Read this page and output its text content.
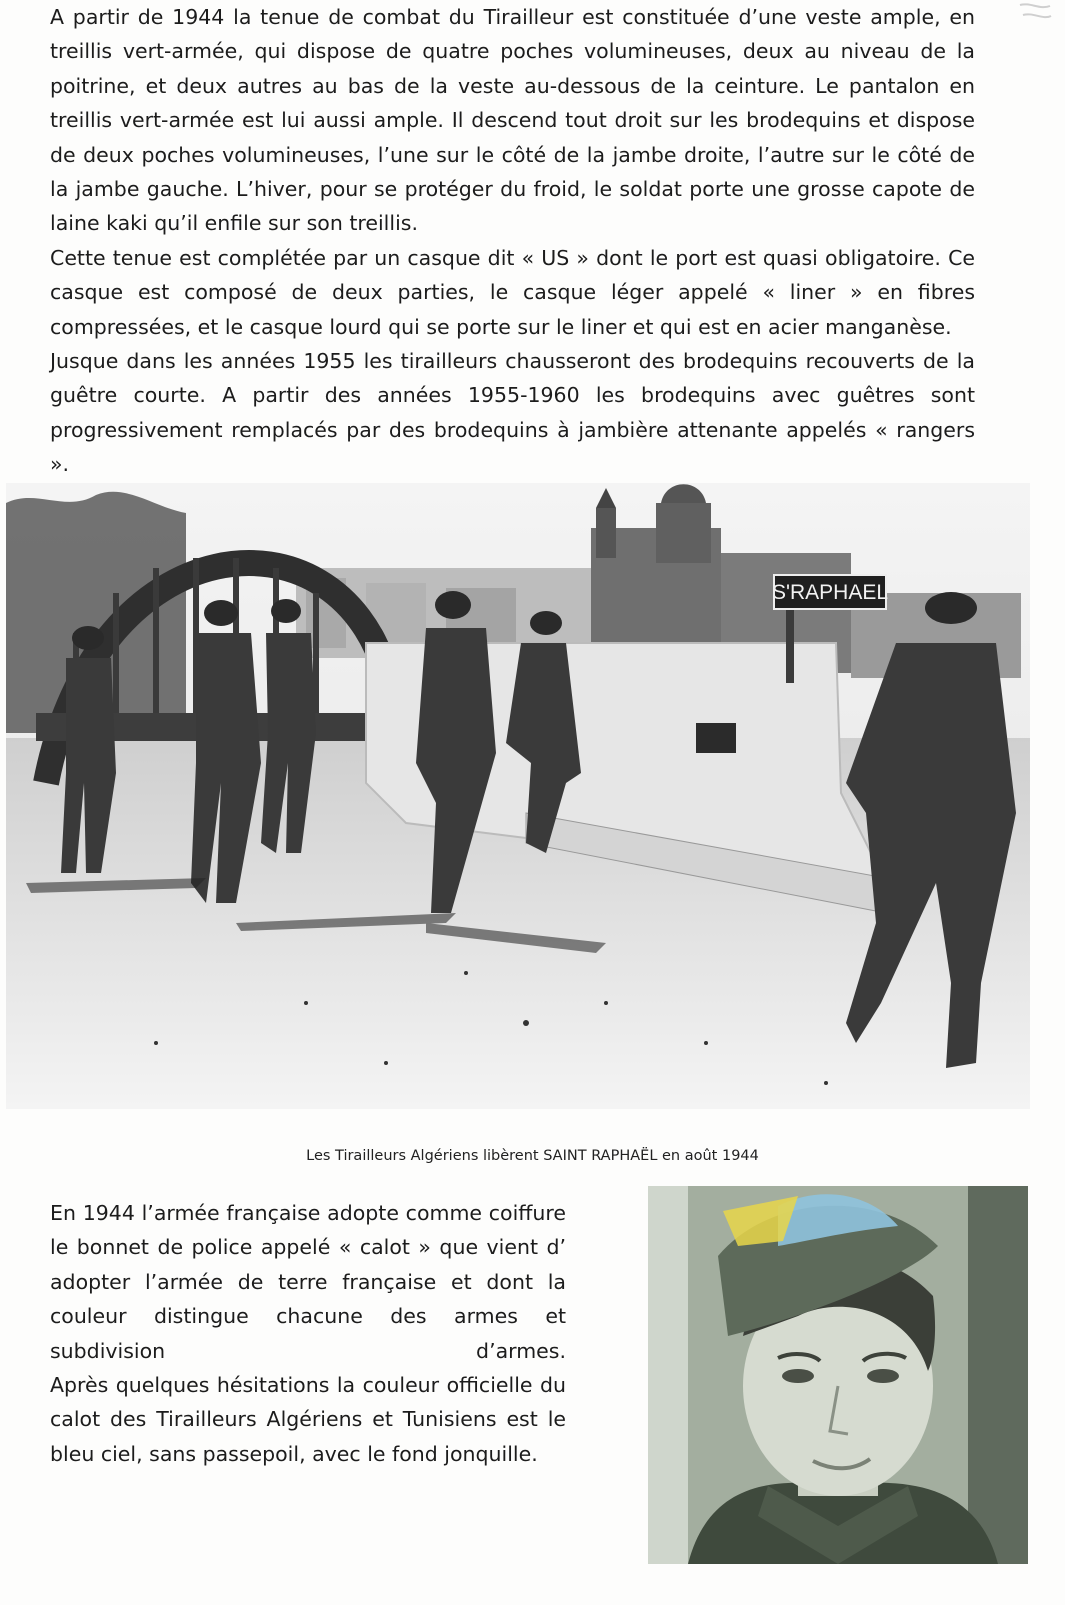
A partir de 1944 la tenue de combat du Tirailleur est constituée d’une veste ample, en treillis vert-armée, qui dispose de quatre poches volumineuses, deux au niveau de la poitrine, et deux autres au bas de la veste au-dessous de la ceinture. Le pantalon en treillis vert-armée est lui aussi ample. Il descend tout droit sur les brodequins et dispose de deux poches volumineuses, l’une sur le côté de la jambe droite, l’autre sur le côté de la jambe gauche. L’hiver, pour se protéger du froid, le soldat porte une grosse capote de laine kaki qu’il enfile sur son treillis.

Cette tenue est complétée par un casque dit « US » dont le port est quasi obligatoire. Ce casque est composé de deux parties, le casque léger appelé « liner » en fibres compressées, et le casque lourd qui se porte sur le liner et qui est en acier manganèse.

Jusque dans les années 1955 les tirailleurs chausseront des brodequins recouverts de la guêtre courte. A partir des années 1955-1960 les brodequins avec guêtres sont progressivement remplacés par des brodequins à jambière attenante appelés « rangers ».

S'RAPHAEL
Les Tirailleurs Algériens libèrent SAINT RAPHAËL en août 1944

En 1944 l’armée française adopte comme coiffure le bonnet de police appelé « calot » que vient d’ adopter l’armée de terre française et dont la couleur distingue chacune des armes et subdivision d’armes.

Après quelques hésitations la couleur officielle du calot des Tirailleurs Algériens et Tunisiens est le bleu ciel, sans passepoil, avec le fond jonquille.
